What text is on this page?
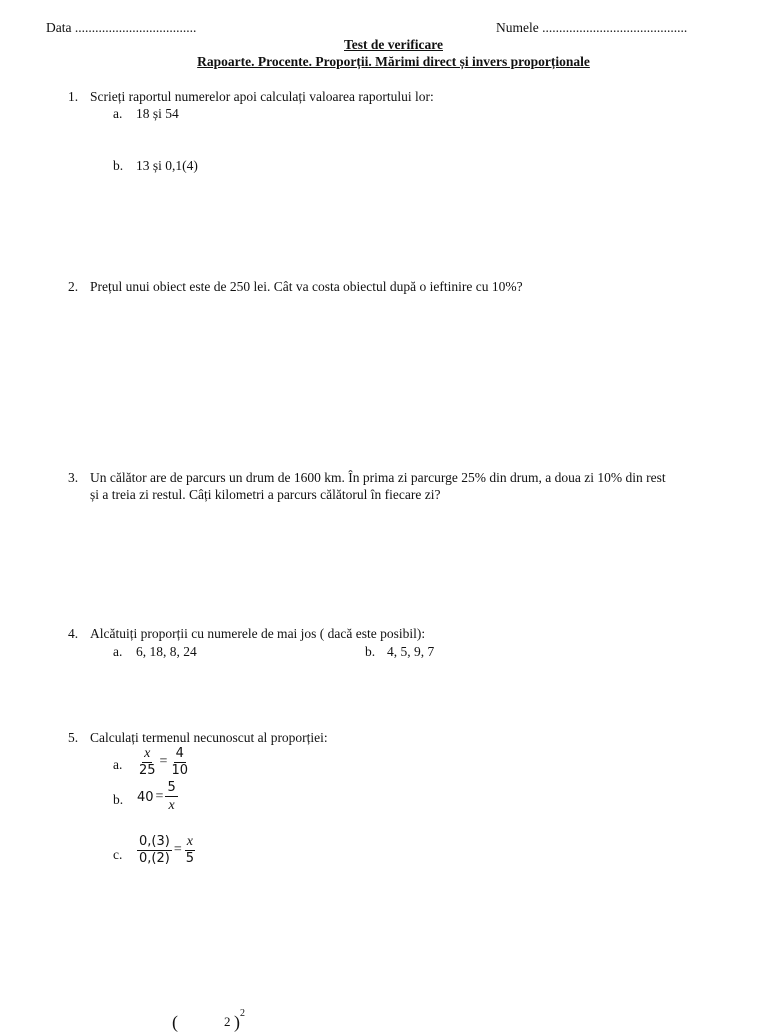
Data ....................................	Numele ...........................................
Test de verificare
Rapoarte. Procente. Proporții. Mărimi direct și invers proporționale
1. Scrieți raportul numerelor apoi calculați valoarea raportului lor:
a. 18 și 54
b. 13 și 0,1(4)
2. Prețul unui obiect este de 250 lei. Cât va costa obiectul după o ieftinire cu 10%?
3. Un călător are de parcurs un drum de 1600 km. În prima zi parcurge 25% din drum, a doua zi 10% din rest
și a treia zi restul. Câți kilometri a parcurs călătorul în fiecare zi?
4. Alcătuiți proporții cu numerele de mai jos ( dacă este posibil):
a. 6, 18, 8, 24	b. 4, 5, 9, 7
5. Calculați termenul necunoscut al proporției:
a. $\frac{x}{25} = \frac{4}{10}$
b. $40 = \frac{5}{x}$
c. $\frac{0,(3)}{0,(2)} = \frac{x}{5}$
(	2 ) 2
